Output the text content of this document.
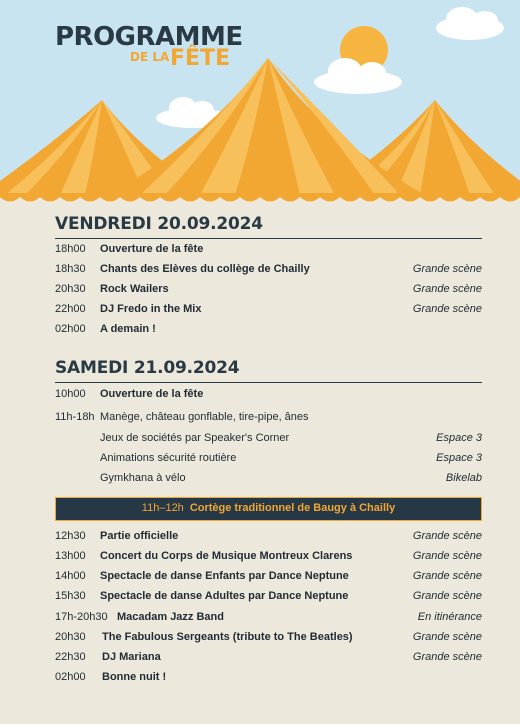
PROGRAMME
DE LA FÊTE
VENDREDI 20.09.2024
18h00 Ouverture de la fête
18h30 Chants des Elèves du collège de Chailly	Grande scène
20h30 Rock Wailers	Grande scène
22h00 DJ Fredo in the Mix	Grande scène
02h00 A demain !
SAMEDI 21.09.2024
10h00 Ouverture de la fête
11h-18h Manège, château gonflable, tire-pipe, ânes
Jeux de sociétés par Speaker's Corner	Espace 3
Animations sécurité routière	Espace 3
Gymkhana à vélo	Bikelab
11h–12h Cortège traditionnel de Baugy à Chailly
12h30 Partie officielle	Grande scène
13h00 Concert du Corps de Musique Montreux Clarens	Grande scène
14h00 Spectacle de danse Enfants par Dance Neptune	Grande scène
15h30 Spectacle de danse Adultes par Dance Neptune	Grande scène
17h-20h30 Macadam Jazz Band	En itinérance
20h30 The Fabulous Sergeants (tribute to The Beatles)	Grande scène
22h30 DJ Mariana	Grande scène
02h00 Bonne nuit !
